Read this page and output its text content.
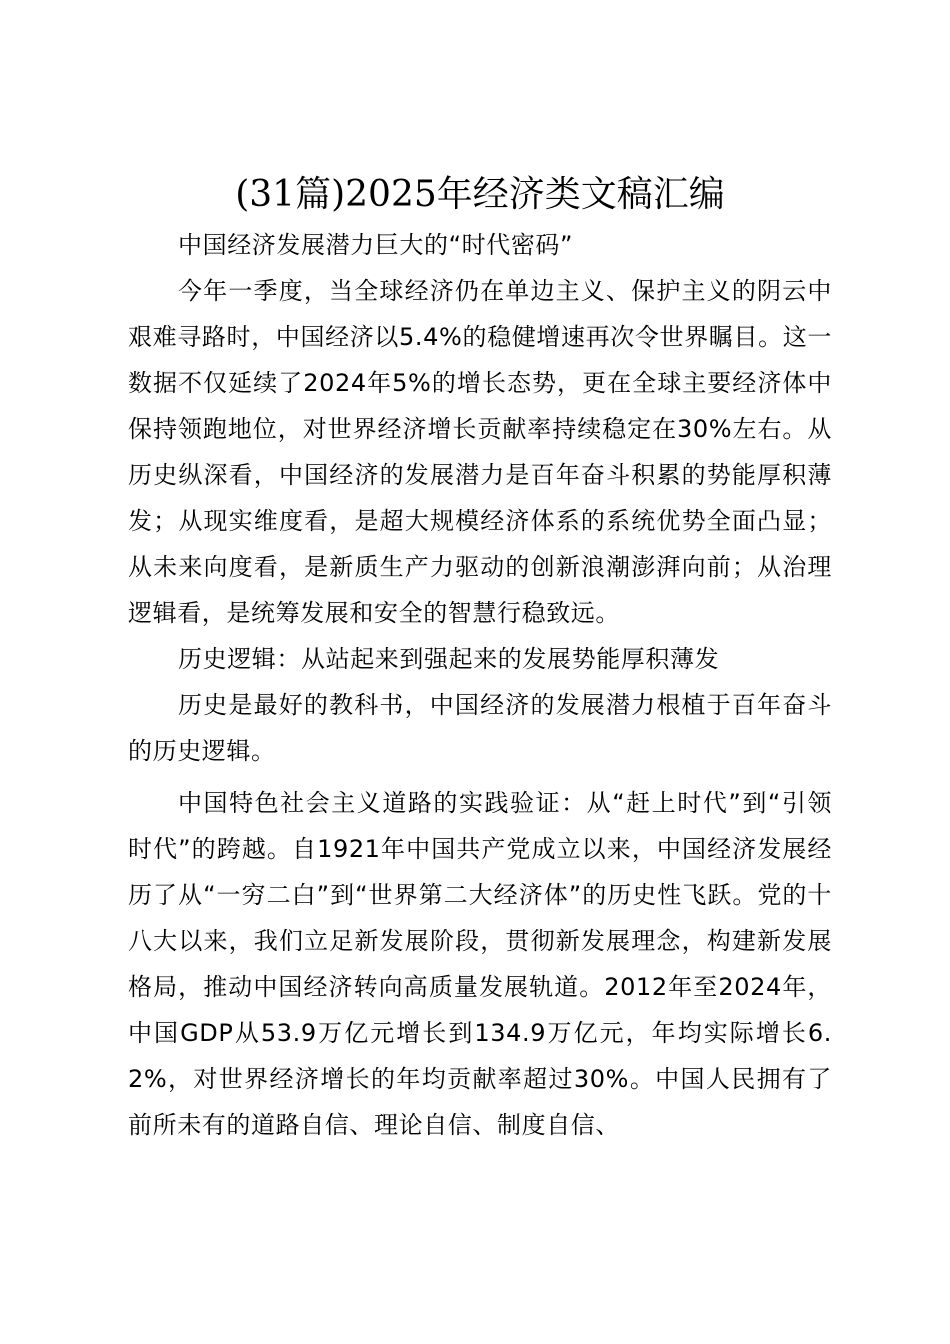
(31篇)2025年经济类文稿汇编

中国经济发展潜力巨大的“时代密码”

今年一季度，当全球经济仍在单边主义、保护主义的阴云中艰难寻路时，中国经济以5.4%的稳健增速再次令世界瞩目。这一数据不仅延续了2024年5%的增长态势，更在全球主要经济体中保持领跑地位，对世界经济增长贡献率持续稳定在30%左右。从历史纵深看，中国经济的发展潜力是百年奋斗积累的势能厚积薄发；从现实维度看，是超大规模经济体系的系统优势全面凸显；从未来向度看，是新质生产力驱动的创新浪潮澎湃向前；从治理逻辑看，是统筹发展和安全的智慧行稳致远。

历史逻辑：从站起来到强起来的发展势能厚积薄发

历史是最好的教科书，中国经济的发展潜力根植于百年奋斗的历史逻辑。

中国特色社会主义道路的实践验证：从“赶上时代”到“引领时代”的跨越。自1921年中国共产党成立以来，中国经济发展经历了从“一穷二白”到“世界第二大经济体”的历史性飞跃。党的十八大以来，我们立足新发展阶段，贯彻新发展理念，构建新发展格局，推动中国经济转向高质量发展轨道。2012年至2024年，中国GDP从53.9万亿元增长到134.9万亿元，年均实际增长6.2%，对世界经济增长的年均贡献率超过30%。中国人民拥有了前所未有的道路自信、理论自信、制度自信、
